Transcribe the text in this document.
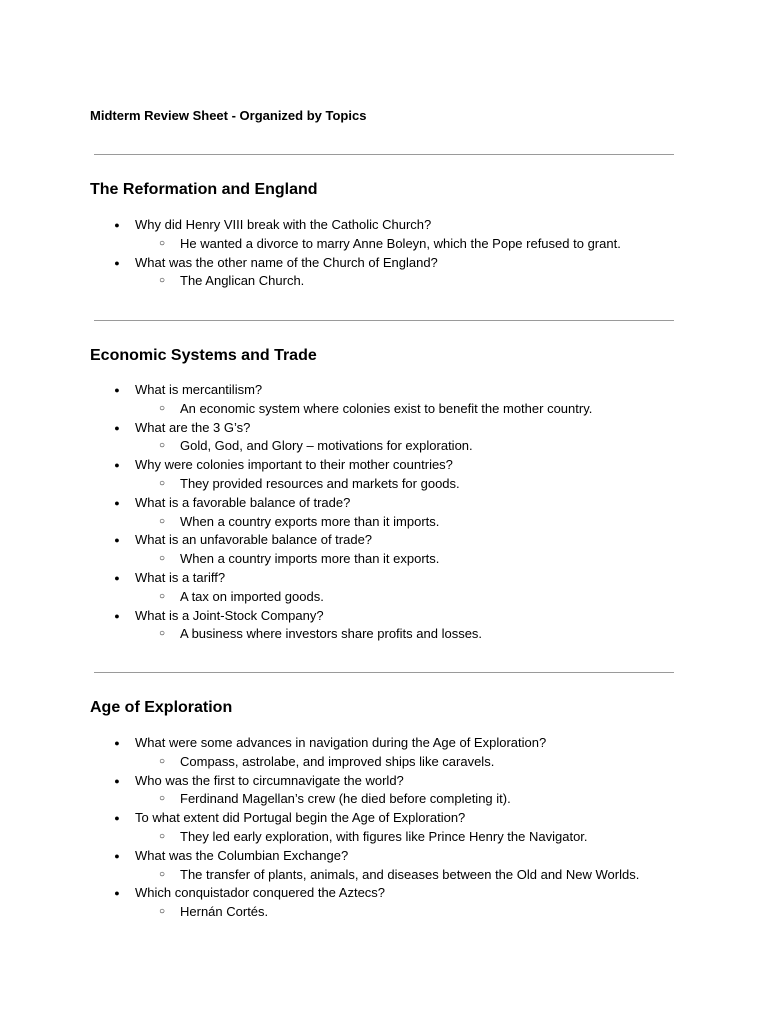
Midterm Review Sheet - Organized by Topics
The Reformation and England
● Why did Henry VIII break with the Catholic Church?
○ He wanted a divorce to marry Anne Boleyn, which the Pope refused to grant.
● What was the other name of the Church of England?
○ The Anglican Church.
Economic Systems and Trade
● What is mercantilism?
○ An economic system where colonies exist to benefit the mother country.
● What are the 3 G’s?
○ Gold, God, and Glory – motivations for exploration.
● Why were colonies important to their mother countries?
○ They provided resources and markets for goods.
● What is a favorable balance of trade?
○ When a country exports more than it imports.
● What is an unfavorable balance of trade?
○ When a country imports more than it exports.
● What is a tariff?
○ A tax on imported goods.
● What is a Joint-Stock Company?
○ A business where investors share profits and losses.
Age of Exploration
● What were some advances in navigation during the Age of Exploration?
○ Compass, astrolabe, and improved ships like caravels.
● Who was the first to circumnavigate the world?
○ Ferdinand Magellan’s crew (he died before completing it).
● To what extent did Portugal begin the Age of Exploration?
○ They led early exploration, with figures like Prince Henry the Navigator.
● What was the Columbian Exchange?
○ The transfer of plants, animals, and diseases between the Old and New Worlds.
● Which conquistador conquered the Aztecs?
○ Hernán Cortés.
